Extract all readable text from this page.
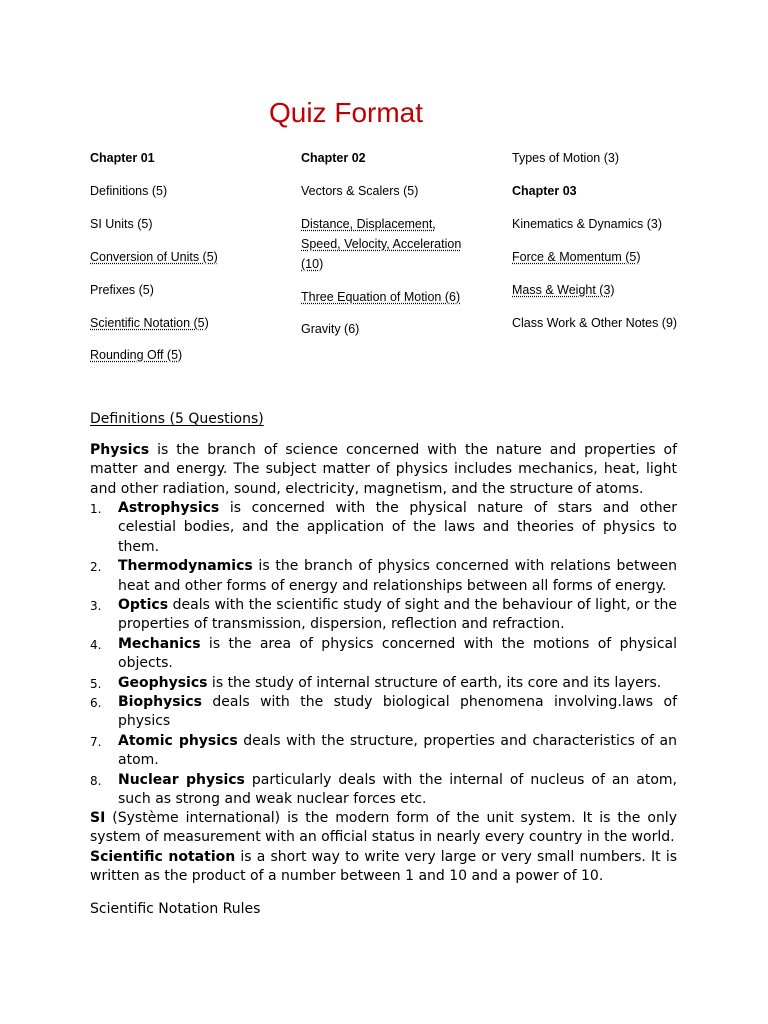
Quiz Format
Chapter 01
Definitions (5)
SI Units (5)
Conversion of Units (5)
Prefixes (5)
Scientific Notation (5)
Rounding Off (5)
Chapter 02
Vectors & Scalers (5)
Distance, Displacement, Speed, Velocity, Acceleration (10)
Three Equation of Motion (6)
Gravity (6)
Types of Motion (3)
Chapter 03
Kinematics & Dynamics (3)
Force & Momentum (5)
Mass & Weight (3)
Class Work & Other Notes (9)
Definitions (5 Questions)

Physics is the branch of science concerned with the nature and properties of matter and energy. The subject matter of physics includes mechanics, heat, light and other radiation, sound, electricity, magnetism, and the structure of atoms.

1. Astrophysics is concerned with the physical nature of stars and other celestial bodies, and the application of the laws and theories of physics to them.
2. Thermodynamics is the branch of physics concerned with relations between heat and other forms of energy and relationships between all forms of energy.
3. Optics deals with the scientific study of sight and the behaviour of light, or the properties of transmission, dispersion, reflection and refraction.
4. Mechanics is the area of physics concerned with the motions of physical objects.
5. Geophysics is the study of internal structure of earth, its core and its layers.
6. Biophysics deals with the study biological phenomena involving.laws of physics
7. Atomic physics deals with the structure, properties and characteristics of an atom.
8. Nuclear physics particularly deals with the internal of nucleus of an atom, such as strong and weak nuclear forces etc.

SI (Système international) is the modern form of the unit system. It is the only system of measurement with an official status in nearly every country in the world.

Scientific notation is a short way to write very large or very small numbers. It is written as the product of a number between 1 and 10 and a power of 10.

Scientific Notation Rules
